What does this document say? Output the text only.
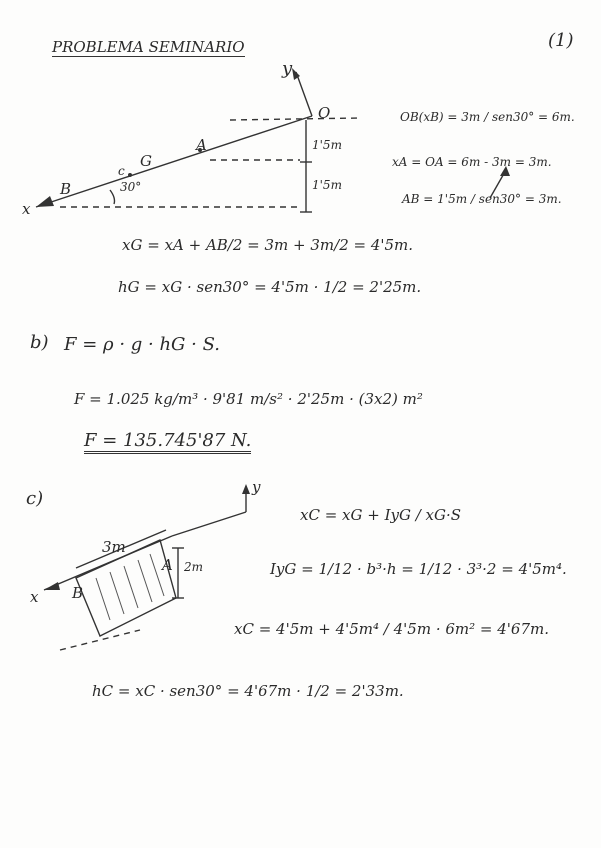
PROBLEMA SEMINARIO	(1)
y
O
A
G
c
30°
B
x
1'5m
1'5m
OB(xB) = 3m / sen30° = 6m.
xA = OA = 6m - 3m = 3m.
AB = 1'5m / sen30° = 3m.
xG = xA + AB/2 = 3m + 3m/2 = 4'5m.
hG = xG · sen30° = 4'5m · 1/2 = 2'25m.
b) F = ρ · g · hG · S.
F = 1.025 kg/m³ · 9'81 m/s² · 2'25m · (3x2) m²
F = 135.745'87 N.
c)
y
3m
A 2m
B
x
xC = xG + IyG / xG·S
IyG = 1/12 · b³·h = 1/12 · 3³·2 = 4'5m⁴.
xC = 4'5m + 4'5m⁴ / 4'5m · 6m² = 4'67m.
hC = xC · sen30° = 4'67m · 1/2 = 2'33m.
